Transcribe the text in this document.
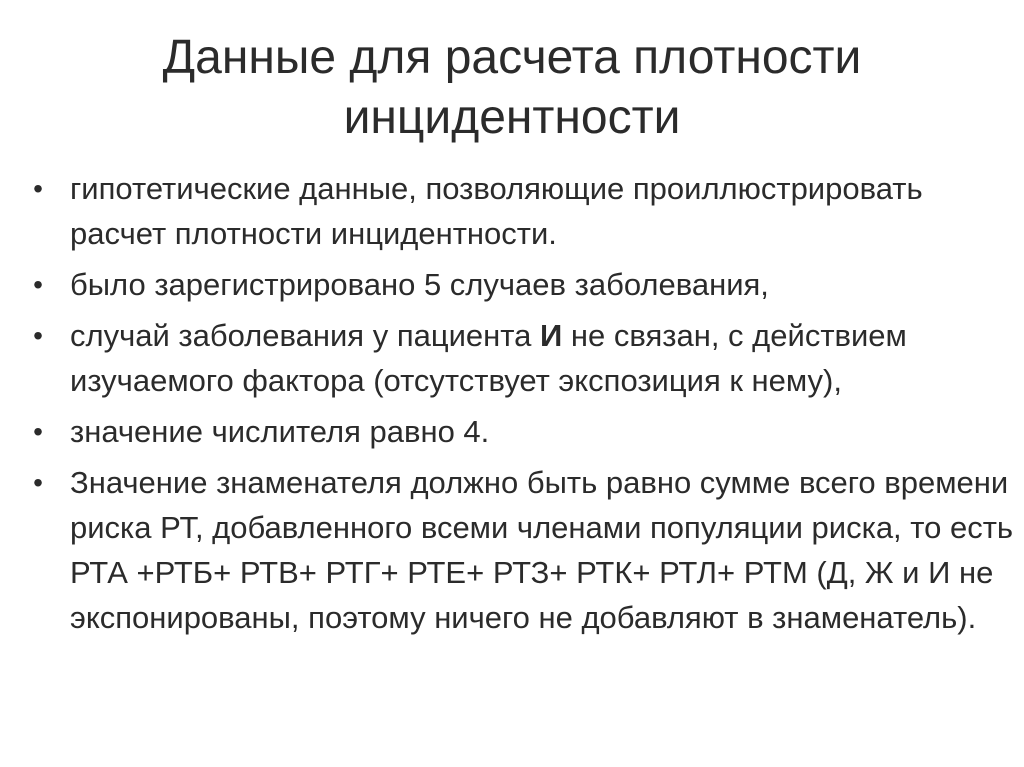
Данные для расчета плотности
инцидентности
• гипотетические данные, позволяющие проиллюстрировать расчет плотности инцидентности.
• было зарегистрировано 5 случаев заболевания,
• случай заболевания у пациента И не связан, с действием изучаемого фактора (отсутствует экспозиция к нему),
• значение числителя равно 4.
• Значение знаменателя должно быть равно сумме всего времени риска РТ, добавленного всеми членами популяции риска, то есть РТА +РТБ+ РТВ+ РТГ+ РТЕ+ РТЗ+ РТК+ РТЛ+ РТМ (Д, Ж и И не экспонированы, поэтому ничего не добавляют в знаменатель).
